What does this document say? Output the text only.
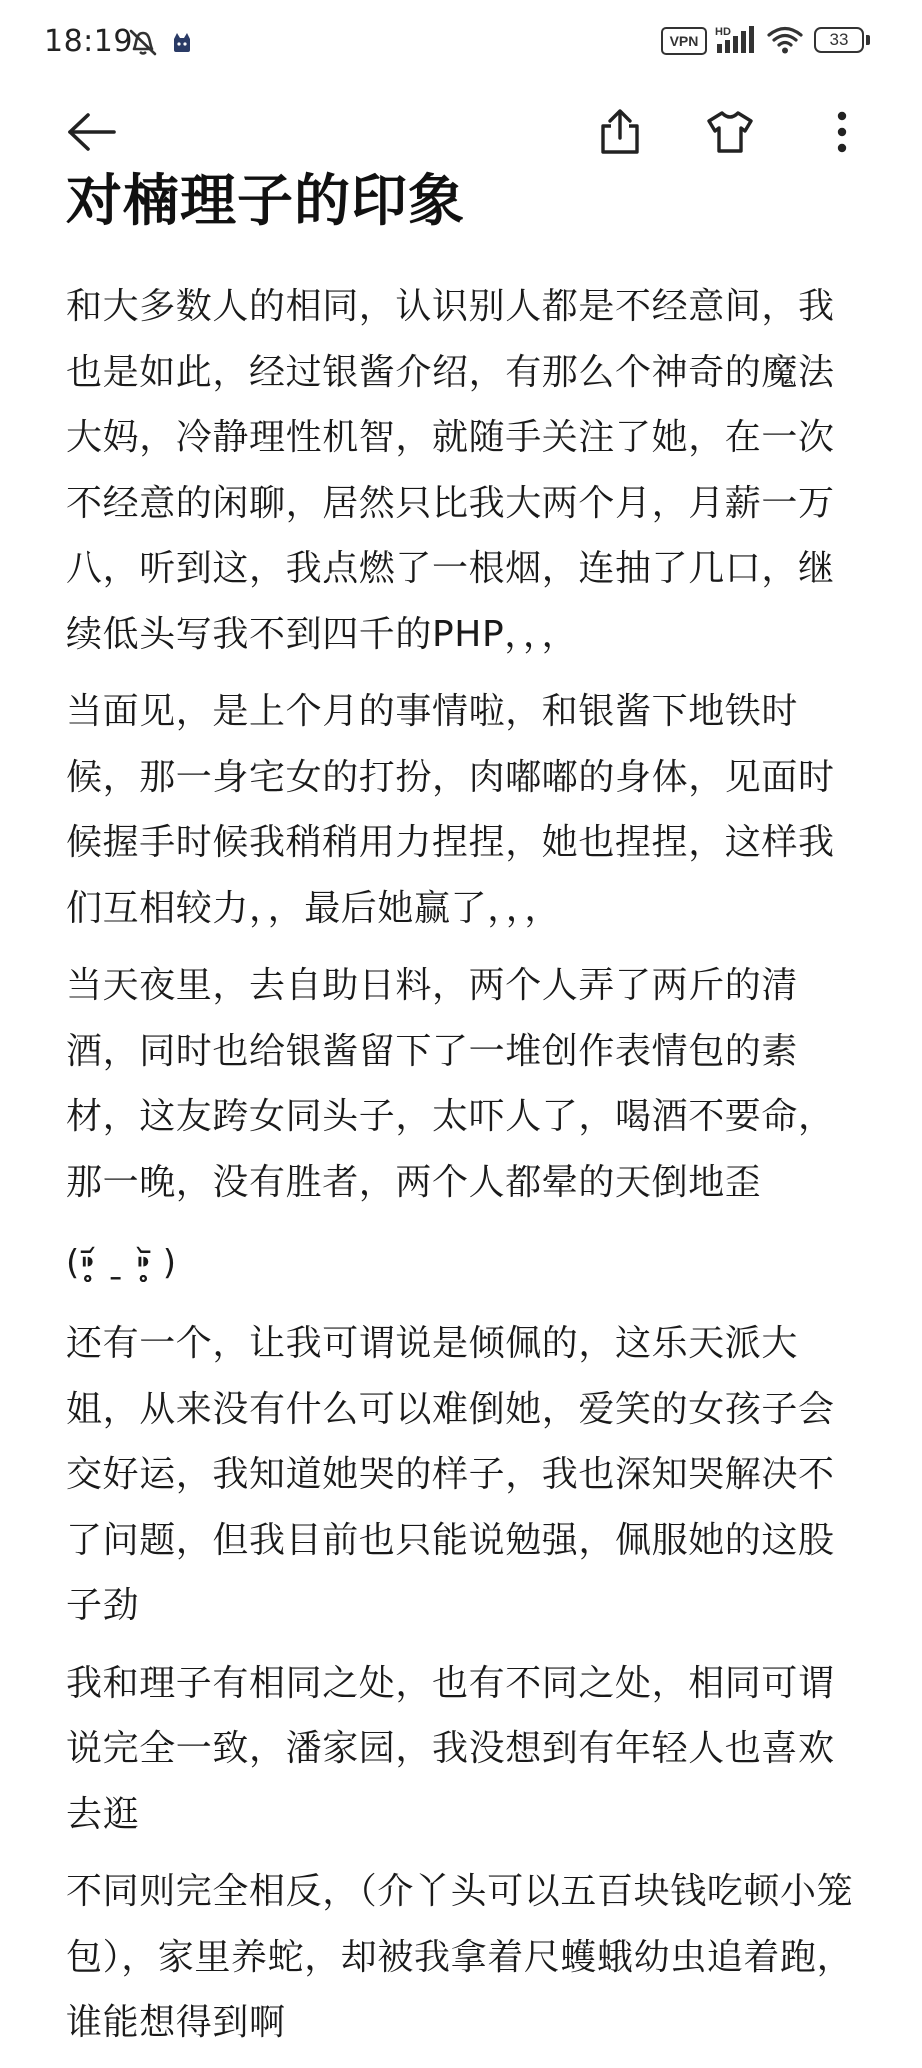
18:19	VPN
HD	33
对楠理子的印象

和大多数人的相同，认识别人都是不经意间，我也是如此，经过银酱介绍，有那么个神奇的魔法大妈，冷静理性机智，就随手关注了她，在一次不经意的闲聊，居然只比我大两个月，月薪一万八，听到这，我点燃了一根烟，连抽了几口，继续低头写我不到四千的PHP，，，

当面见，是上个月的事情啦，和银酱下地铁时候，那一身宅女的打扮，肉嘟嘟的身体，见面时候握手时候我稍稍用力捏捏，她也捏捏，这样我们互相较力，，最后她赢了，，，

当天夜里，去自助日料，两个人弄了两斤的清酒，同时也给银酱留下了一堆创作表情包的素材，这友跨女同头子，太吓人了，喝酒不要命，那一晚，没有胜者，两个人都晕的天倒地歪

(⁍̥̥̥᷄ ˍ ⁍̥̥̥᷅ )

还有一个，让我可谓说是倾佩的，这乐天派大姐，从来没有什么可以难倒她，爱笑的女孩子会交好运，我知道她哭的样子，我也深知哭解决不了问题，但我目前也只能说勉强，佩服她的这股子劲

我和理子有相同之处，也有不同之处，相同可谓说完全一致，潘家园，我没想到有年轻人也喜欢去逛

不同则完全相反，（介丫头可以五百块钱吃顿小笼包），家里养蛇，却被我拿着尺蠖蛾幼虫追着跑，谁能想得到啊
